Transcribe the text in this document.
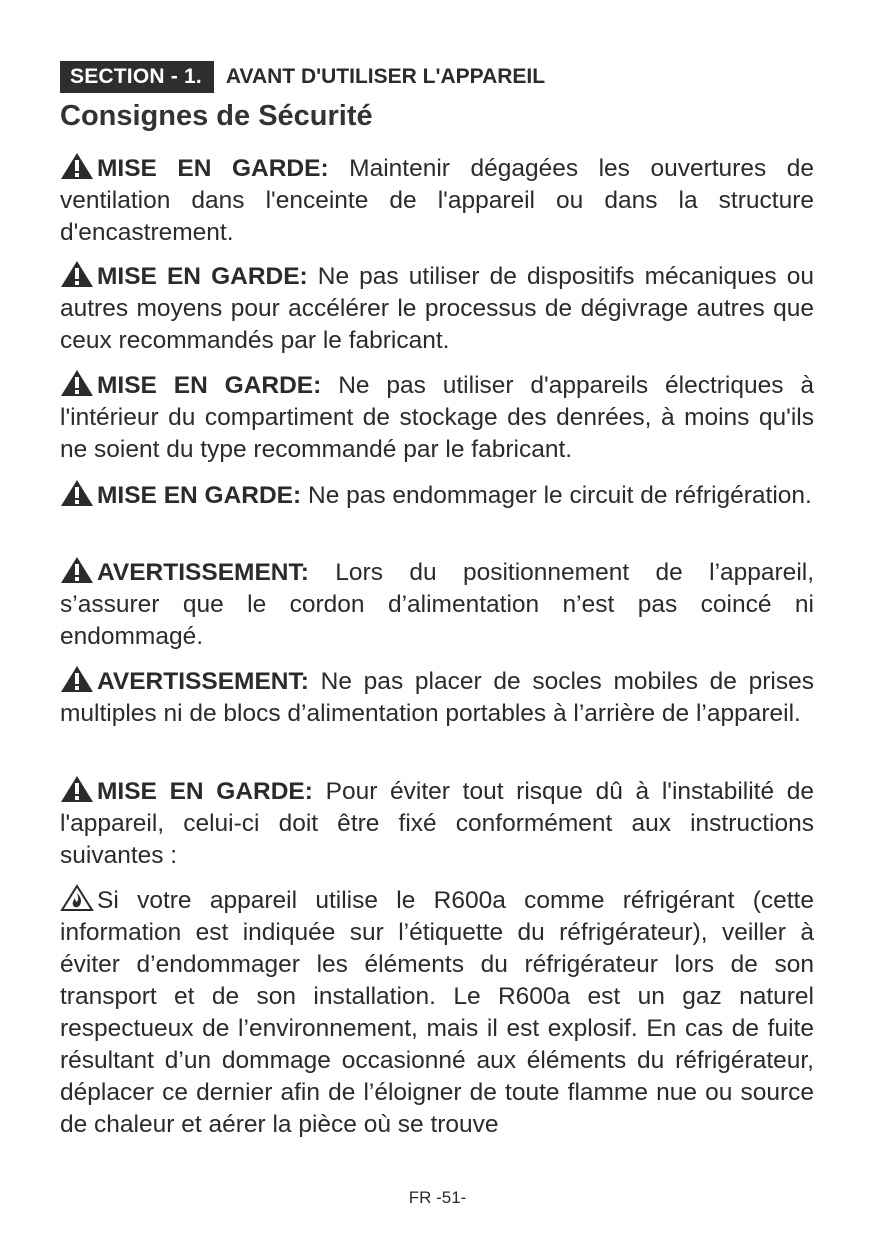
SECTION - 1.	AVANT D'UTILISER L'APPAREIL
Consignes de Sécurité

MISE EN GARDE: Maintenir dégagées les ouvertures de ventilation dans l'enceinte de l'appareil ou dans la structure d'encastrement.

MISE EN GARDE: Ne pas utiliser de dispositifs mécaniques ou autres moyens pour accélérer le processus de dégivrage autres que ceux recommandés par le fabricant.

MISE EN GARDE: Ne pas utiliser d'appareils électriques à l'intérieur du compartiment de stockage des denrées, à moins qu'ils ne soient du type recommandé par le fabricant.

MISE EN GARDE: Ne pas endommager le circuit de réfrigération.

AVERTISSEMENT: Lors du positionnement de l’appareil, s’assurer que le cordon d’alimentation n’est pas coincé ni endommagé.

AVERTISSEMENT: Ne pas placer de socles mobiles de prises multiples ni de blocs d’alimentation portables à l’arrière de l’appareil.

MISE EN GARDE: Pour éviter tout risque dû à l'instabilité de l'appareil, celui-ci doit être fixé conformément aux instructions suivantes :

Si votre appareil utilise le R600a comme réfrigérant (cette information est indiquée sur l’étiquette du réfrigérateur), veiller à éviter d’endommager les éléments du réfrigérateur lors de son transport et de son installation. Le R600a est un gaz naturel respectueux de l’environnement, mais il est explosif. En cas de fuite résultant d’un dommage occasionné aux éléments du réfrigérateur, déplacer ce dernier afin de l’éloigner de toute flamme nue ou source de chaleur et aérer la pièce où se trouve

FR -51-
